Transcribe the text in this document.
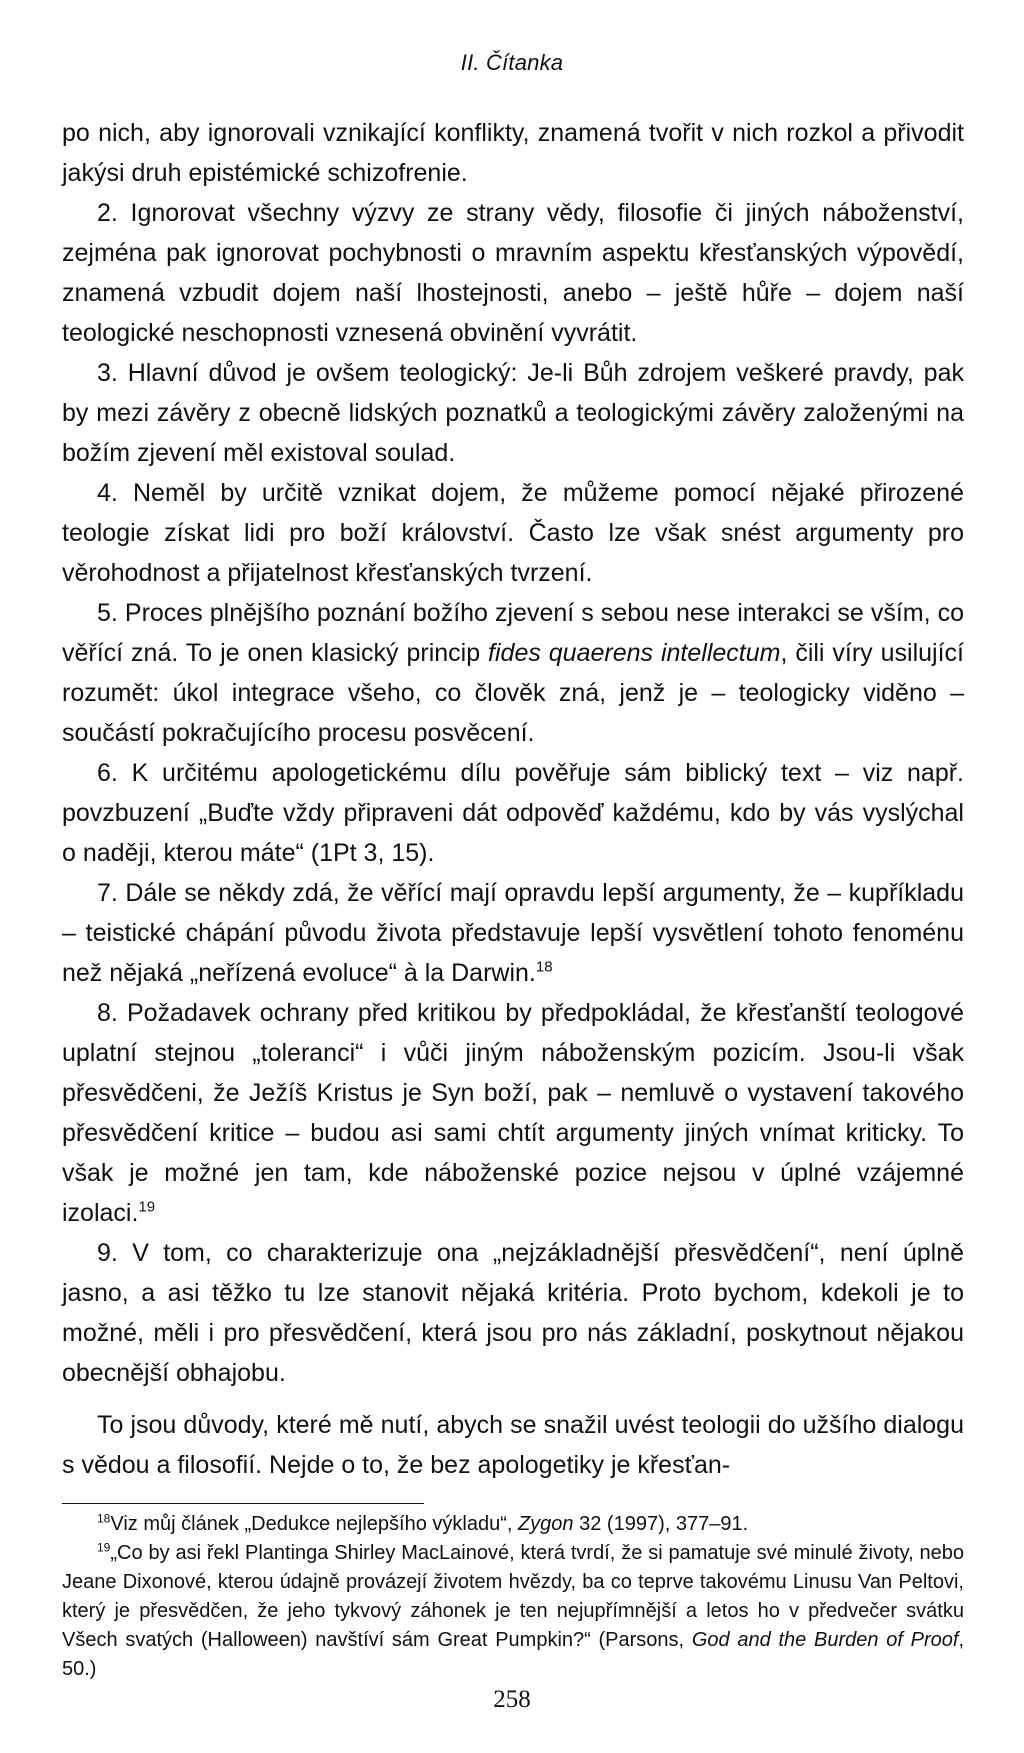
II. Čítanka

po nich, aby ignorovali vznikající konflikty, znamená tvořit v nich rozkol a přivodit jakýsi druh epistémické schizofrenie.

2. Ignorovat všechny výzvy ze strany vědy, filosofie či jiných náboženství, zejména pak ignorovat pochybnosti o mravním aspektu křesťanských výpovědí, znamená vzbudit dojem naší lhostejnosti, anebo – ještě hůře – dojem naší teologické neschopnosti vznesená obvinění vyvrátit.

3. Hlavní důvod je ovšem teologický: Je-li Bůh zdrojem veškeré pravdy, pak by mezi závěry z obecně lidských poznatků a teologickými závěry založenými na božím zjevení měl existoval soulad.

4. Neměl by určitě vznikat dojem, že můžeme pomocí nějaké přirozené teologie získat lidi pro boží království. Často lze však snést argumenty pro věrohodnost a přijatelnost křesťanských tvrzení.

5. Proces plnějšího poznání božího zjevení s sebou nese interakci se vším, co věřící zná. To je onen klasický princip fides quaerens intellectum, čili víry usilující rozumět: úkol integrace všeho, co člověk zná, jenž je – teologicky viděno – součástí pokračujícího procesu posvěcení.

6. K určitému apologetickému dílu pověřuje sám biblický text – viz např. povzbuzení „Buďte vždy připraveni dát odpověď každému, kdo by vás vyslýchal o naději, kterou máte“ (1Pt 3, 15).

7. Dále se někdy zdá, že věřící mají opravdu lepší argumenty, že – kupříkladu – teistické chápání původu života představuje lepší vysvětlení tohoto fenoménu než nějaká „neřízená evoluce“ à la Darwin.$^{18}$

8. Požadavek ochrany před kritikou by předpokládal, že křesťanští teologové uplatní stejnou „toleranci“ i vůči jiným náboženským pozicím. Jsou-li však přesvědčeni, že Ježíš Kristus je Syn boží, pak – nemluvě o vystavení takového přesvědčení kritice – budou asi sami chtít argumenty jiných vnímat kriticky. To však je možné jen tam, kde náboženské pozice nejsou v úplné vzájemné izolaci.$^{19}$

9. V tom, co charakterizuje ona „nejzákladnější přesvědčení“, není úplně jasno, a asi těžko tu lze stanovit nějaká kritéria. Proto bychom, kdekoli je to možné, měli i pro přesvědčení, která jsou pro nás základní, poskytnout nějakou obecnější obhajobu.

To jsou důvody, které mě nutí, abych se snažil uvést teologii do užšího dialogu s vědou a filosofií. Nejde o to, že bez apologetiky je křesťan-

$^{18}$Viz můj článek „Dedukce nejlepšího výkladu“, Zygon 32 (1997), 377–91.

$^{19}$„Co by asi řekl Plantinga Shirley MacLainové, která tvrdí, že si pamatuje své minulé životy, nebo Jeane Dixonové, kterou údajně provázejí životem hvězdy, ba co teprve takovému Linusu Van Peltovi, který je přesvědčen, že jeho tykvový záhonek je ten nejupřímnější a letos ho v předvečer svátku Všech svatých (Halloween) navštíví sám Great Pumpkin?“ (Parsons, God and the Burden of Proof, 50.)

258
